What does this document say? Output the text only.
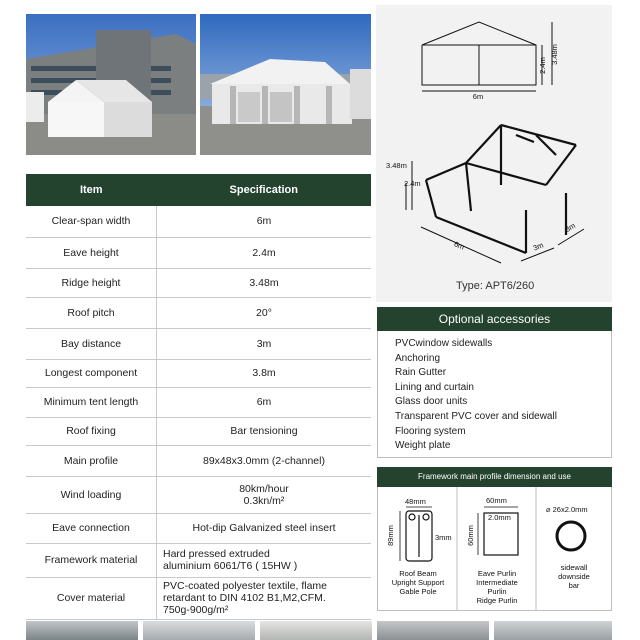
6m
2.4m
3.48m
3.48m
2.4m
6m	3m
3m
Type: APT6/260
Item	Specification
Clear-span width	6m
Eave height	2.4m
Ridge height	3.48m
Roof pitch	20°
Bay distance	3m
Longest component	3.8m
Minimum tent length	6m
Roof fixing	Bar tensioning
Main profile	89x48x3.0mm (2-channel)
Wind loading	80km/hour
0.3kn/m²

Eave connection	Hot-dip Galvanized steel insert
Framework material	Hard pressed extruded
aluminium 6061/T6 ( 15HW )

Cover material	PVC-coated polyester textile, flame
retardant to DIN 4102 B1,M2,CFM.
750g-900g/m²
Optional accessories
PVCwindow sidewalls
Anchoring
Rain Gutter
Lining and curtain
Glass door units
Transparent PVC cover and sidewall
Flooring system
Weight plate
Framework main profile dimension and use
48mm
89mm	3mm
Roof Beam
Upright Support
Gable Pole
60mm
2.0mm
60mm
Eave Purlin
Intermediate
Purlin
Ridge Purlin
⌀ 26x2.0mm
sidewall
downside
bar
